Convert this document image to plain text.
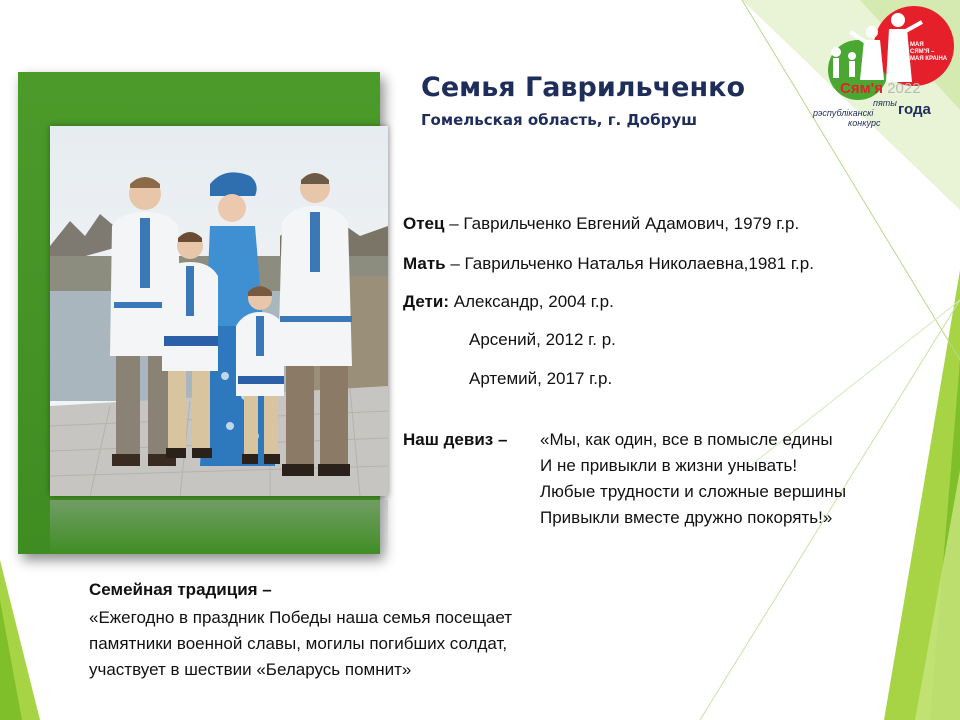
Семья Гаврильченко
Гомельская область, г. Добруш
МАЯ
СЯМ'Я –
МАЯ КРАІНА
Сям'я 2022
пяты
рэспубліканскі
конкурс
года
Отец – Гаврильченко Евгений Адамович, 1979 г.р.
Мать – Гаврильченко Наталья Николаевна,1981 г.р.
Дети: Александр, 2004 г.р.
Арсений, 2012 г. р.
Артемий, 2017 г.р.
Наш девиз – «Мы, как один, все в помысле едины
И не привыкли в жизни унывать!
Любые трудности и сложные вершины
Привыкли вместе дружно покорять!»
Семейная традиция –
«Ежегодно в праздник Победы наша семья посещает
памятники военной славы, могилы погибших солдат,
участвует в шествии «Беларусь помнит»
